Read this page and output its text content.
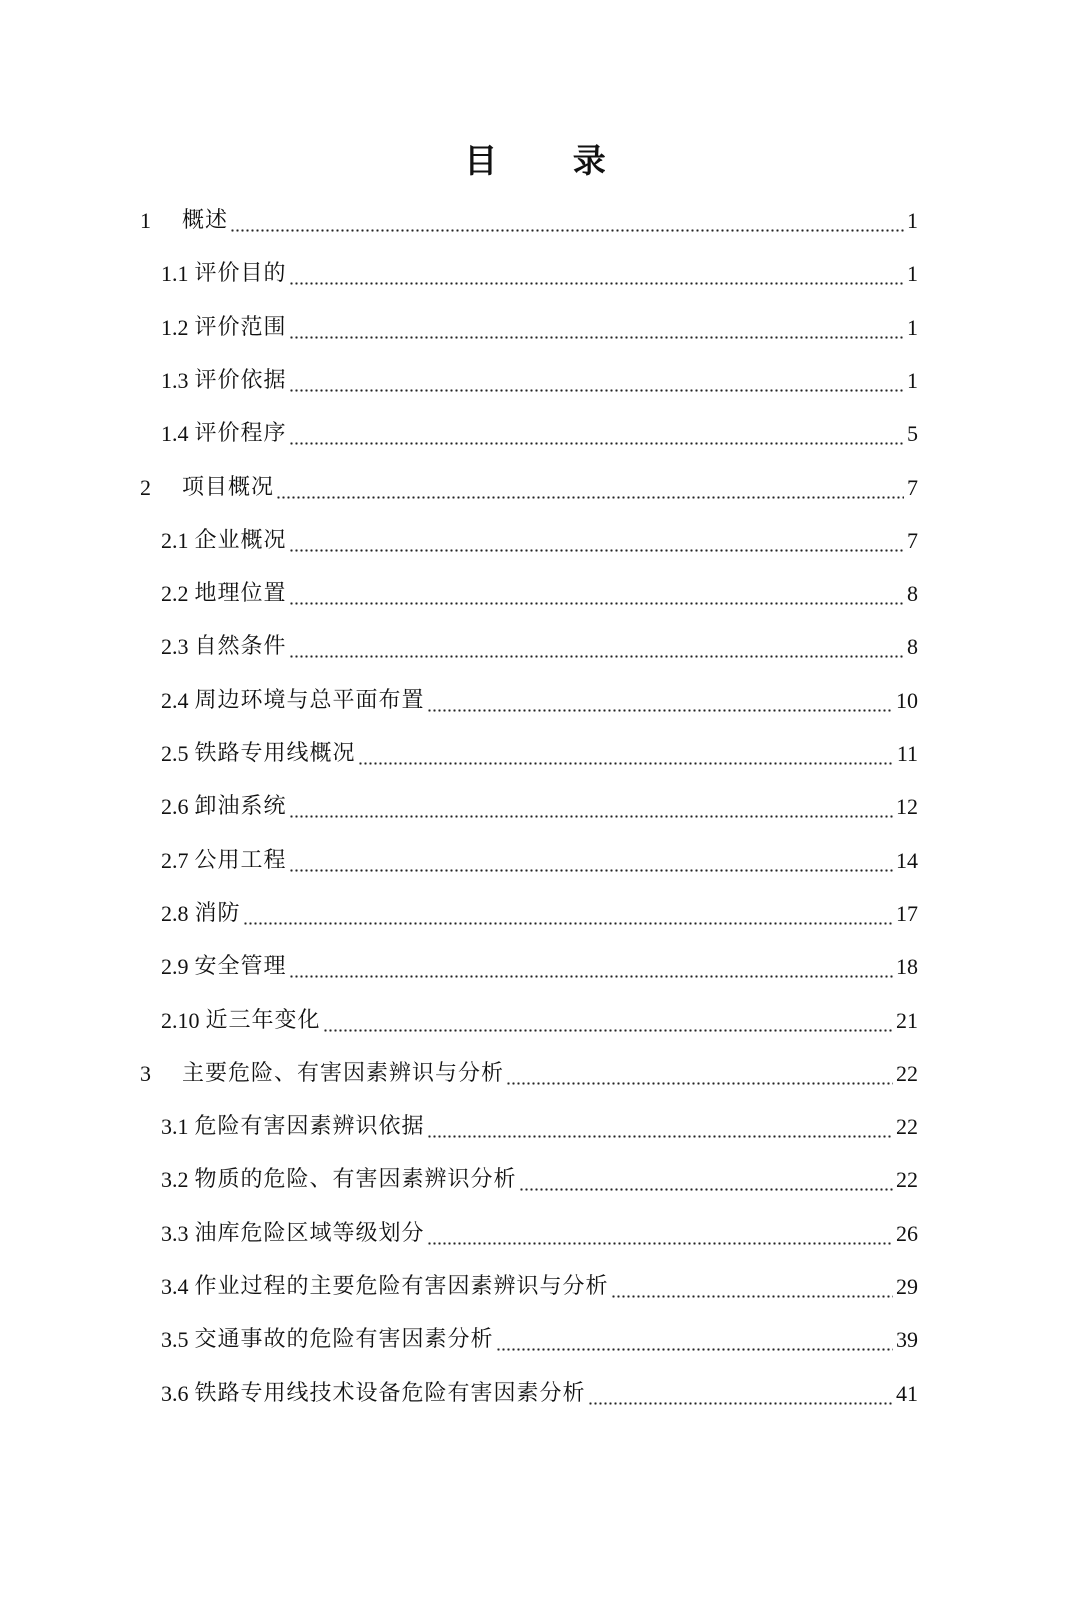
目 录
1	概述	1
1.1 评价目的	1
1.2 评价范围	1
1.3 评价依据	1
1.4 评价程序	5
2	项目概况	7
2.1 企业概况	7
2.2 地理位置	8
2.3 自然条件	8
2.4 周边环境与总平面布置	10
2.5 铁路专用线概况	11
2.6 卸油系统	12
2.7 公用工程	14
2.8 消防	17
2.9 安全管理	18
2.10 近三年变化	21
3	主要危险、有害因素辨识与分析	22
3.1 危险有害因素辨识依据	22
3.2 物质的危险、有害因素辨识分析	22
3.3 油库危险区域等级划分	26
3.4 作业过程的主要危险有害因素辨识与分析	29
3.5 交通事故的危险有害因素分析	39
3.6 铁路专用线技术设备危险有害因素分析	41
